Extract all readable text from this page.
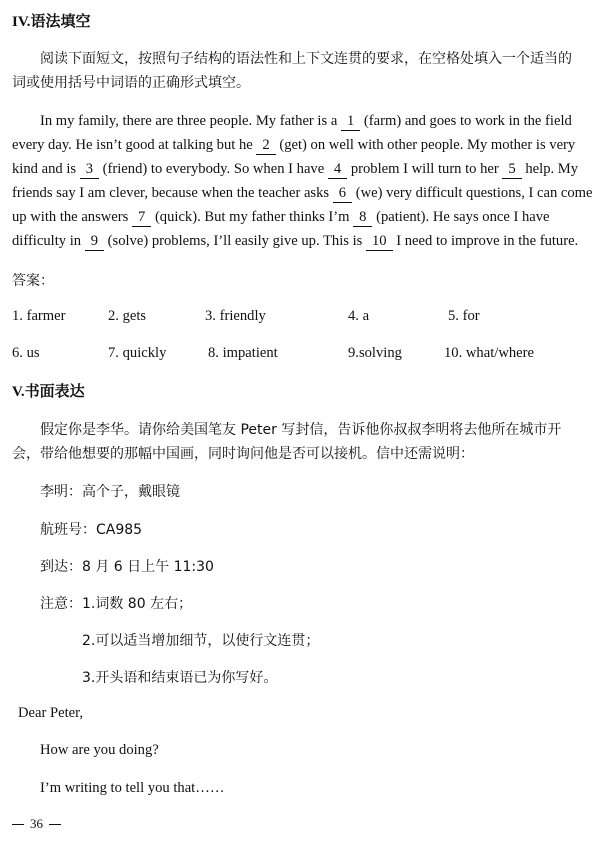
IV.语法填空
阅读下面短文，按照句子结构的语法性和上下文连贯的要求，在空格处填入一个适当的
词或使用括号中词语的正确形式填空。
In my family, there are three people. My father is a 1 (farm) and goes to work in the field
every day. He isn’t good at talking but he 2 (get) on well with other people. My mother is very
kind and is 3 (friend) to everybody. So when I have 4 problem I will turn to her 5 help. My
friends say I am clever, because when the teacher asks 6 (we) very difficult questions, I can come
up with the answers 7 (quick). But my father thinks I’m 8 (patient). He says once I have
difficulty in 9 (solve) problems, I’ll easily give up. This is 10 I need to improve in the future.
答案：
1. farmer	2. gets	3. friendly	4. a	5. for
6. us	7. quickly	8. impatient	9.solving	10. what/where
V.书面表达
假定你是李华。请你给美国笔友 Peter 写封信，告诉他你叔叔李明将去他所在城市开
会，带给他想要的那幅中国画，同时询问他是否可以接机。信中还需说明：
李明：高个子，戴眼镜
航班号：CA985
到达：8 月 6 日上午 11:30
注意：1.词数 80 左右；
2.可以适当增加细节，以使行文连贯；
3.开头语和结束语已为你写好。
Dear Peter,
How are you doing?
I’m writing to tell you that……
36
